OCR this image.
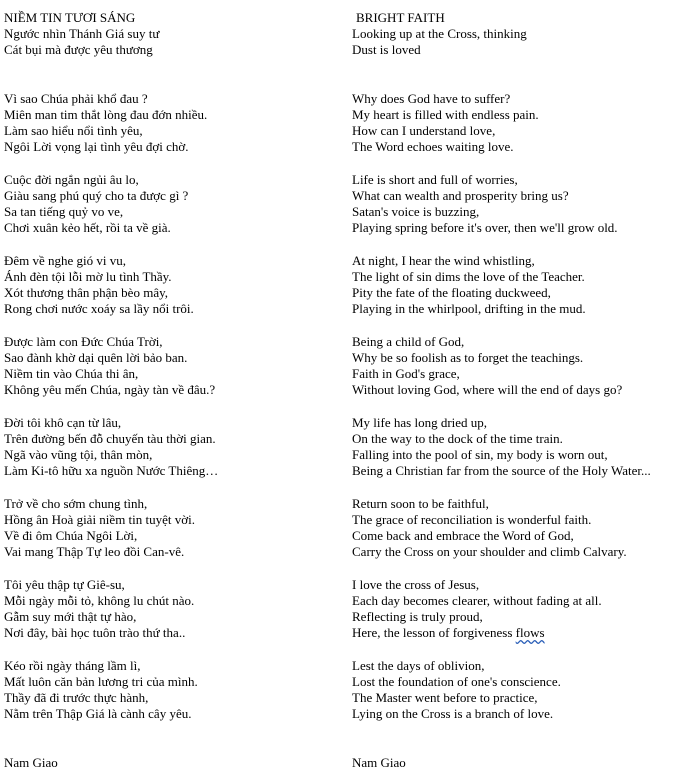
NIỀM TIN TƯƠI SÁNG
Ngước nhìn Thánh Giá suy tư
Cát bụi mà được yêu thương
Vì sao Chúa phải khổ đau ?
Miên man tim thắt lòng đau đớn nhiều.
Làm sao hiểu nổi tình yêu,
Ngôi Lời vọng lại tình yêu đợi chờ.
Cuộc đời ngắn ngủi âu lo,
Giàu sang phú quý cho ta được gì ?
Sa tan tiếng quỷ vo ve,
Chơi xuân kẻo hết, rồi ta về già.
Đêm về nghe gió vi vu,
Ánh đèn tội lỗi mờ lu tình Thầy.
Xót thương thân phận bèo mây,
Rong chơi nước xoáy sa lầy nổi trôi.
Được làm con Đức Chúa Trời,
Sao đành khờ dại quên lời bảo ban.
Niềm tin vào Chúa thi ân,
Không yêu mến Chúa, ngày tàn về đâu.?
Đời tôi khô cạn từ lâu,
Trên đường bến đỗ chuyến tàu thời gian.
Ngã vào vũng tội, thân mòn,
Làm Ki-tô hữu xa nguồn Nước Thiêng…
Trở về cho sớm chung tình,
Hồng ân Hoà giải niềm tin tuyệt vời.
Về đi ôm Chúa Ngôi Lời,
Vai mang Thập Tự leo đồi Can-vê.
Tôi yêu thập tự Giê-su,
Mỗi ngày mỗi tỏ, không lu chút nào.
Gẫm suy mới thật tự hào,
Nơi đây, bài học tuôn trào thứ tha..
Kéo rồi ngày tháng lầm lì,
Mất luôn căn bản lương tri của mình.
Thầy đã đi trước thực hành,
Nằm trên Thập Giá là cành cây yêu.
Nam Giao
BRIGHT FAITH
Looking up at the Cross, thinking
Dust is loved
Why does God have to suffer?
My heart is filled with endless pain.
How can I understand love,
The Word echoes waiting love.
Life is short and full of worries,
What can wealth and prosperity bring us?
Satan's voice is buzzing,
Playing spring before it's over, then we'll grow old.
At night, I hear the wind whistling,
The light of sin dims the love of the Teacher.
Pity the fate of the floating duckweed,
Playing in the whirlpool, drifting in the mud.
Being a child of God,
Why be so foolish as to forget the teachings.
Faith in God's grace,
Without loving God, where will the end of days go?
My life has long dried up,
On the way to the dock of the time train.
Falling into the pool of sin, my body is worn out,
Being a Christian far from the source of the Holy Water...
Return soon to be faithful,
The grace of reconciliation is wonderful faith.
Come back and embrace the Word of God,
Carry the Cross on your shoulder and climb Calvary.
I love the cross of Jesus,
Each day becomes clearer, without fading at all.
Reflecting is truly proud,
Here, the lesson of forgiveness flows
Lest the days of oblivion,
Lost the foundation of one's conscience.
The Master went before to practice,
Lying on the Cross is a branch of love.
Nam Giao
